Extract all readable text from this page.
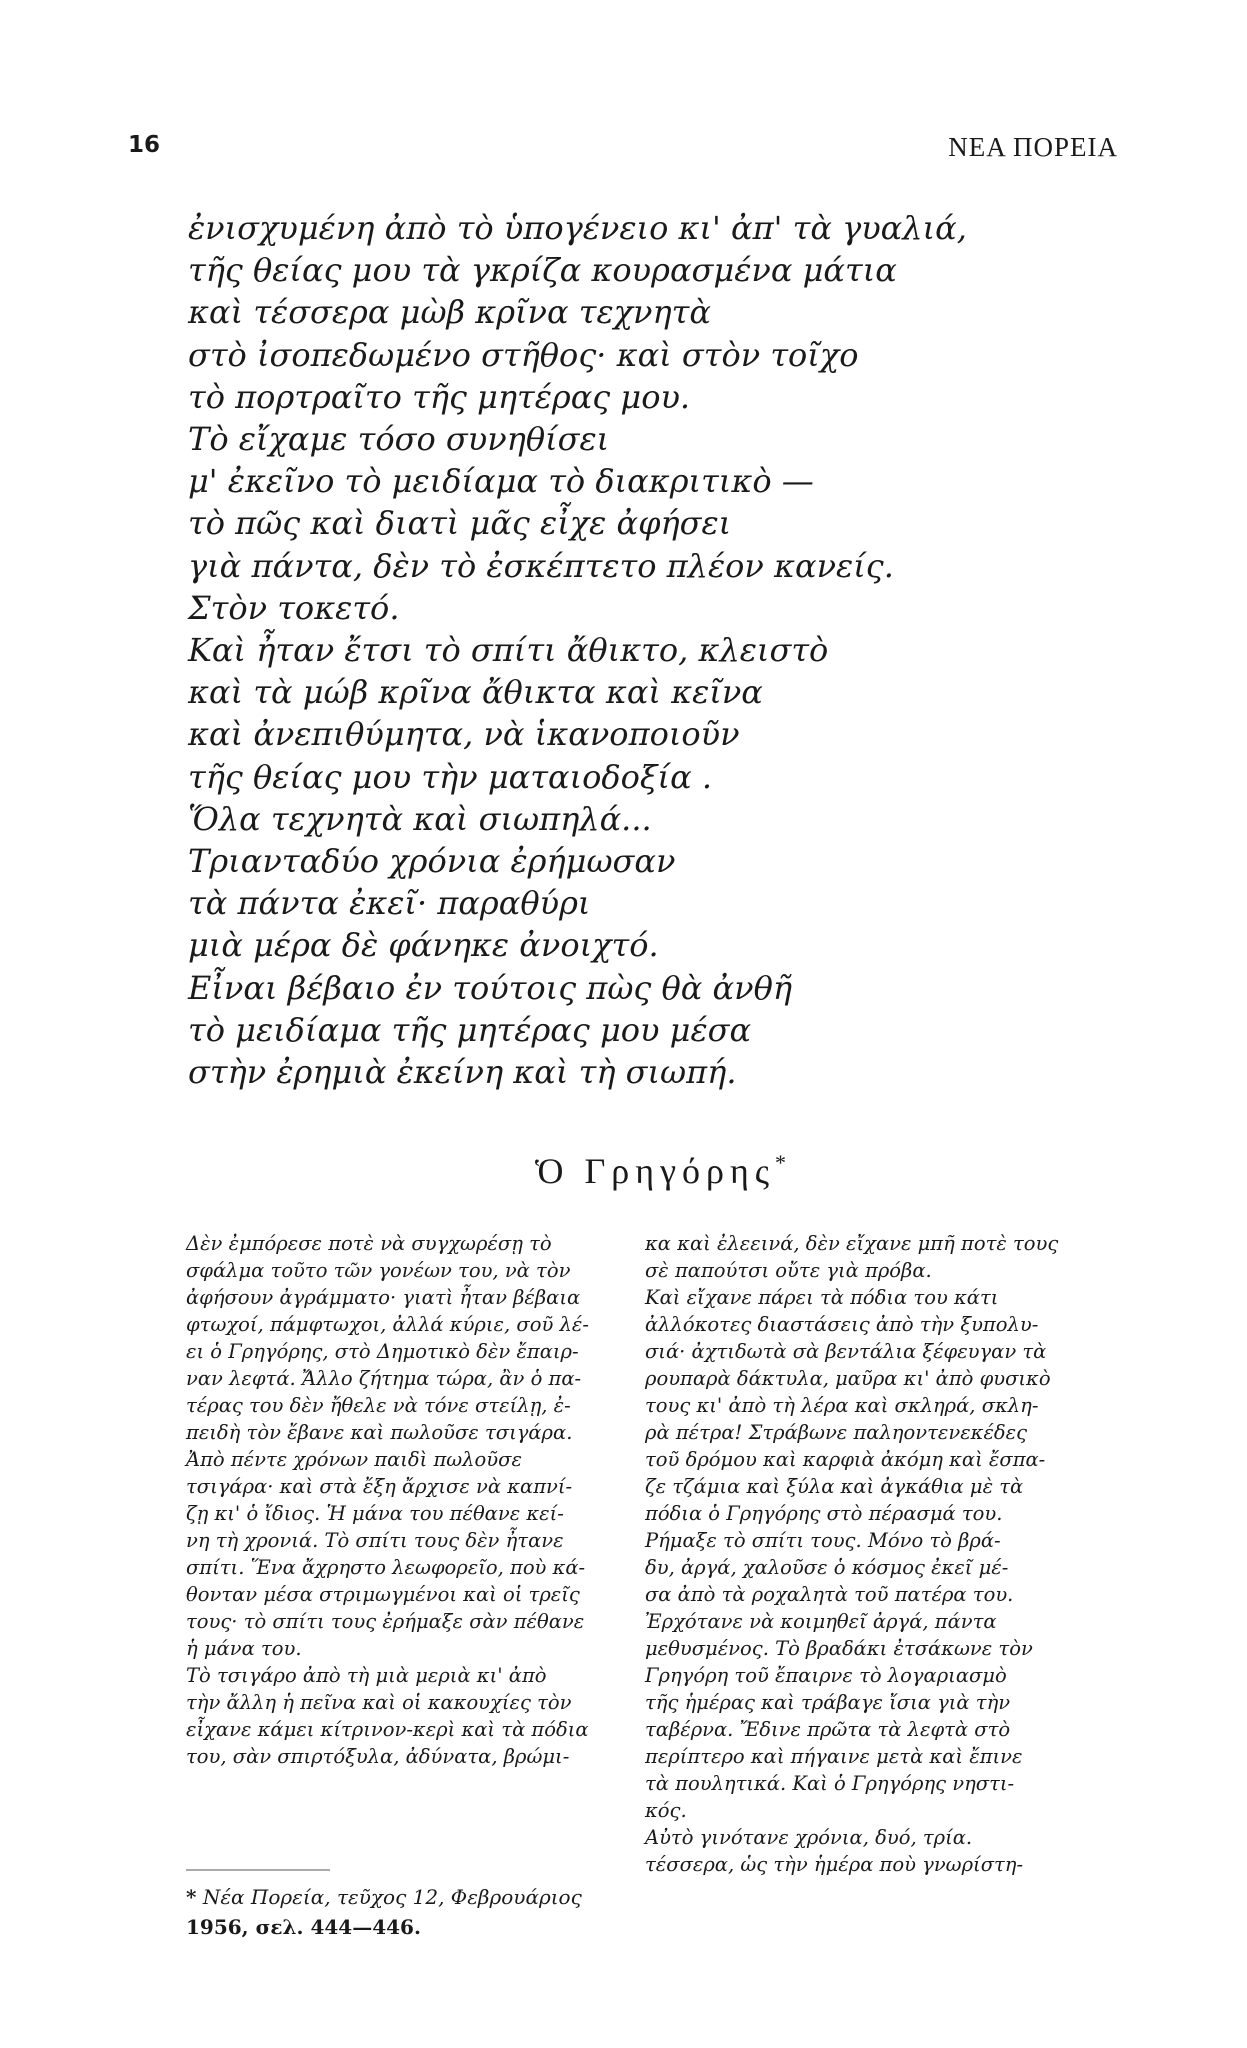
16	ΝΕΑ ΠΟΡΕΙΑ
ἐνισχυμένη ἀπὸ τὸ ὑπογένειο κι' ἀπ' τὰ γυαλιά,
τῆς θείας μου τὰ γκρίζα κουρασμένα μάτια
καὶ τέσσερα μὼβ κρῖνα τεχνητὰ
στὸ ἰσοπεδωμένο στῆθος· καὶ στὸν τοῖχο
τὸ πορτραῖτο τῆς μητέρας μου.
Τὸ εἴχαμε τόσο συνηθίσει
μ' ἐκεῖνο τὸ μειδίαμα τὸ διακριτικὸ —
τὸ πῶς καὶ διατὶ μᾶς εἶχε ἀφήσει
γιὰ πάντα, δὲν τὸ ἐσκέπτετο πλέον κανείς.
Στὸν τοκετό.
Καὶ ἦταν ἔτσι τὸ σπίτι ἄθικτο, κλειστὸ
καὶ τὰ μώβ κρῖνα ἄθικτα καὶ κεῖνα
καὶ ἀνεπιθύμητα, νὰ ἱκανοποιοῦν
τῆς θείας μου τὴν ματαιοδοξία .
Ὅλα τεχνητὰ καὶ σιωπηλά...
Τριανταδύο χρόνια ἐρήμωσαν
τὰ πάντα ἐκεῖ· παραθύρι
μιὰ μέρα δὲ φάνηκε ἀνοιχτό.
Εἶναι βέβαιο ἐν τούτοις πὼς θὰ ἀνθῆ
τὸ μειδίαμα τῆς μητέρας μου μέσα
στὴν ἐρημιὰ ἐκείνη καὶ τὴ σιωπή.
Ὁ Γρηγόρης*
Δὲν ἐμπόρεσε ποτὲ νὰ συγχωρέσῃ τὸ
σφάλμα τοῦτο τῶν γονέων του, νὰ τὸν
ἀφήσουν ἀγράμματο· γιατὶ ἦταν βέβαια
φτωχοί, πάμφτωχοι, ἀλλά κύριε, σοῦ λέ-
ει ὁ Γρηγόρης, στὸ Δημοτικὸ δὲν ἔπαιρ-
ναν λεφτά. Ἄλλο ζήτημα τώρα, ἂν ὁ πα-
τέρας του δὲν ἤθελε νὰ τόνε στείλῃ, ἐ-
πειδὴ τὸν ἔβανε καὶ πωλοῦσε τσιγάρα.
Ἀπὸ πέντε χρόνων παιδὶ πωλοῦσε
τσιγάρα· καὶ στὰ ἔξη ἄρχισε νὰ καπνί-
ζῃ κι' ὁ ἴδιος. Ἡ μάνα του πέθανε κεί-
νη τὴ χρονιά. Τὸ σπίτι τους δὲν ἦτανε
σπίτι. Ἕνα ἄχρηστο λεωφορεῖο, ποὺ κά-
θονταν μέσα στριμωγμένοι καὶ οἱ τρεῖς
τους· τὸ σπίτι τους ἐρήμαξε σὰν πέθανε
ἡ μάνα του.
Τὸ τσιγάρο ἀπὸ τὴ μιὰ μεριὰ κι' ἀπὸ
τὴν ἄλλη ἡ πεῖνα καὶ οἱ κακουχίες τὸν
εἶχανε κάμει κίτρινον-κερὶ καὶ τὰ πόδια
του, σὰν σπιρτόξυλα, ἀδύνατα, βρώμι-
κα καὶ ἐλεεινά, δὲν εἴχανε μπῆ ποτὲ τους
σὲ παπούτσι οὔτε γιὰ πρόβα.
Καὶ εἴχανε πάρει τὰ πόδια του κάτι
ἀλλόκοτες διαστάσεις ἀπὸ τὴν ξυπολυ-
σιά· ἀχτιδωτὰ σὰ βεντάλια ξέφευγαν τὰ
ρουπαρὰ δάκτυλα, μαῦρα κι' ἀπὸ φυσικὸ
τους κι' ἀπὸ τὴ λέρα καὶ σκληρά, σκλη-
ρὰ πέτρα! Στράβωνε παληοντενεκέδες
τοῦ δρόμου καὶ καρφιὰ ἀκόμη καὶ ἔσπα-
ζε τζάμια καὶ ξύλα καὶ ἀγκάθια μὲ τὰ
πόδια ὁ Γρηγόρης στὸ πέρασμά του.
Ρήμαξε τὸ σπίτι τους. Μόνο τὸ βρά-
δυ, ἀργά, χαλοῦσε ὁ κόσμος ἐκεῖ μέ-
σα ἀπὸ τὰ ροχαλητὰ τοῦ πατέρα του.
Ἐρχότανε νὰ κοιμηθεῖ ἀργά, πάντα
μεθυσμένος. Τὸ βραδάκι ἐτσάκωνε τὸν
Γρηγόρη τοῦ ἔπαιρνε τὸ λογαριασμὸ
τῆς ἡμέρας καὶ τράβαγε ἴσια γιὰ τὴν
ταβέρνα. Ἔδινε πρῶτα τὰ λεφτὰ στὸ
περίπτερο καὶ πήγαινε μετὰ καὶ ἔπινε
τὰ πουλητικά. Καὶ ὁ Γρηγόρης νηστι-
κός.
Αὐτὸ γινότανε χρόνια, δυό, τρία.
τέσσερα, ὡς τὴν ἡμέρα ποὺ γνωρίστη-
* Νέα Πορεία, τεῦχος 12, Φεβρουάριος
1956, σελ. 444—446.
